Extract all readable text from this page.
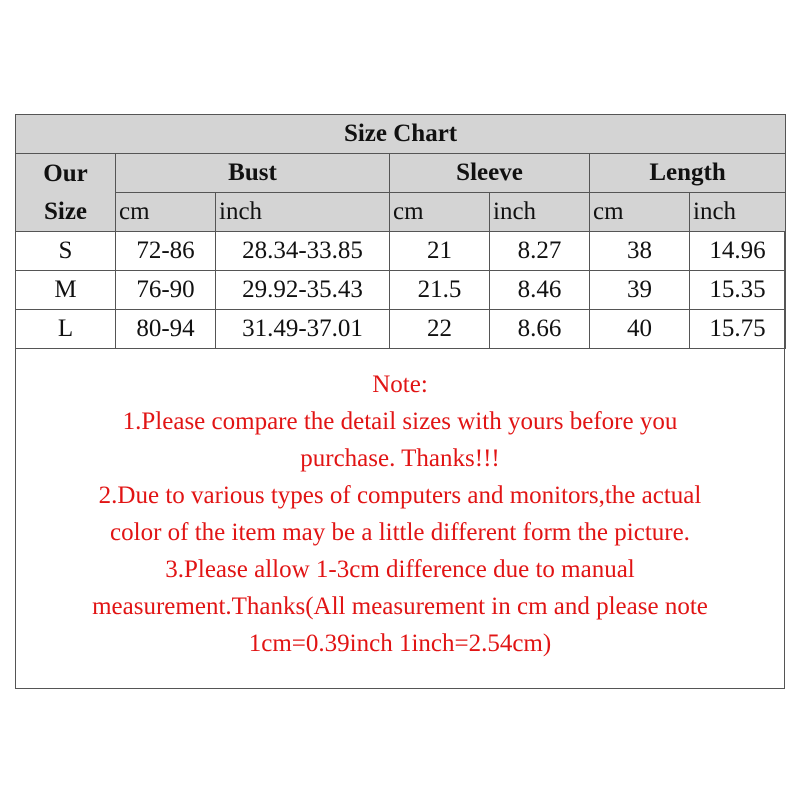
Size Chart						
Our
Size	Bust		Sleeve		Length	
	cm	inch	cm	inch	cm	inch
S	72-86	28.34-33.85	21	8.27	38	14.96
M	76-90	29.92-35.43	21.5	8.46	39	15.35
L	80-94	31.49-37.01	22	8.66	40	15.75
Note:
1.Please compare the detail sizes with yours before you
purchase. Thanks!!!
2.Due to various types of computers and monitors,the actual
color of the item may be a little different form the picture.
3.Please allow 1-3cm difference due to manual
measurement.Thanks(All measurement in cm and please note
1cm=0.39inch 1inch=2.54cm)
